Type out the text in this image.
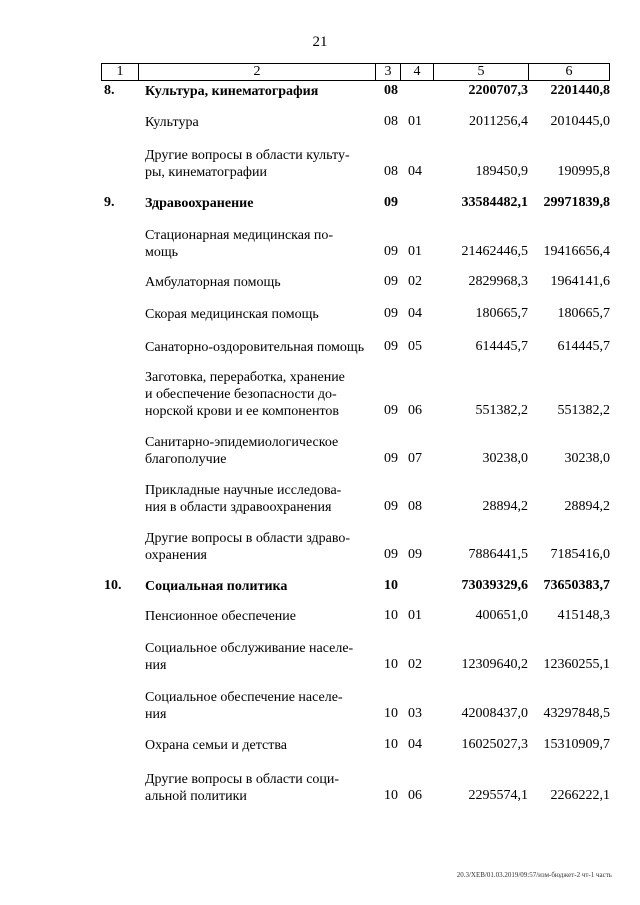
21
1	2	3	4	5	6
8.	Культура, кинематография	08	2200707,3 2201440,8
Культура	08 01	2011256,4 2010445,0
Другие вопросы в области культу-
ры, кинематографии	08 04	189450,9 190995,8
9.	Здравоохранение	09	33584482,1 29971839,8
Стационарная медицинская по-
мощь	09 01	21462446,5 19416656,4
Амбулаторная помощь	09 02	2829968,3 1964141,6
Скорая медицинская помощь	09 04	180665,7 180665,7
Санаторно-оздоровительная помощь	09 05	614445,7 614445,7
Заготовка, переработка, хранение
и обеспечение безопасности до-
норской крови и ее компонентов	09 06	551382,2 551382,2
Санитарно-эпидемиологическое
благополучие	09 07	30238,0	30238,0
Прикладные научные исследова-
ния в области здравоохранения	09 08	28894,2	28894,2
Другие вопросы в области здраво-
охранения	09 09	7886441,5 7185416,0
10.	Социальная политика	10	73039329,6 73650383,7
Пенсионное обеспечение	10 01	400651,0 415148,3
Социальное обслуживание населе-
ния	10 02	12309640,2 12360255,1
Социальное обеспечение населе-
ния	10 03	42008437,0 43297848,5
Охрана семьи и детства	10 04	16025027,3 15310909,7
Другие вопросы в области соци-
альной политики	10 06	2295574,1 2266222,1
20.3/XEB/01.03.2019/09:57/изм-бюджет-2 чт-1 часть
